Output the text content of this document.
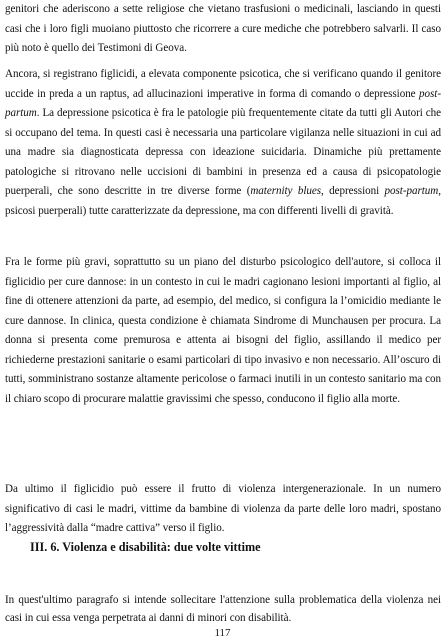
genitori che aderiscono a sette religiose che vietano trasfusioni o medicinali, lasciando in questi casi che i loro figli muoiano piuttosto che ricorrere a cure mediche che potrebbero salvarli. Il caso più noto è quello dei Testimoni di Geova.

Ancora, si registrano figlicidi, a elevata componente psicotica, che si verificano quando il genitore uccide in preda a un raptus, ad allucinazioni imperative in forma di comando o depressione post-partum. La depressione psicotica è fra le patologie più frequentemente citate da tutti gli Autori che si occupano del tema. In questi casi è necessaria una particolare vigilanza nelle situazioni in cui ad una madre sia diagnosticata depressa con ideazione suicidaria. Dinamiche più prettamente patologiche si ritrovano nelle uccisioni di bambini in presenza ed a causa di psicopatologie puerperali, che sono descritte in tre diverse forme (maternity blues, depressioni post-partum, psicosi puerperali) tutte caratterizzate da depressione, ma con differenti livelli di gravità.

Fra le forme più gravi, soprattutto su un piano del disturbo psicologico dell'autore, si colloca il figlicidio per cure dannose: in un contesto in cui le madri cagionano lesioni importanti al figlio, al fine di ottenere attenzioni da parte, ad esempio, del medico, si configura la l’omicidio mediante le cure dannose. In clinica, questa condizione è chiamata Sindrome di Munchausen per procura. La donna si presenta come premurosa e attenta ai bisogni del figlio, assillando il medico per richiederne prestazioni sanitarie o esami particolari di tipo invasivo e non necessario. All’oscuro di tutti, somministrano sostanze altamente pericolose o farmaci inutili in un contesto sanitario ma con il chiaro scopo di procurare malattie gravissimi che spesso, conducono il figlio alla morte.

Da ultimo il figlicidio può essere il frutto di violenza intergenerazionale. In un numero significativo di casi le madri, vittime da bambine di violenza da parte delle loro madri, spostano l’aggressività dalla “madre cattiva” verso il figlio.

III. 6. Violenza e disabilità: due volte vittime

In quest'ultimo paragrafo si intende sollecitare l'attenzione sulla problematica della violenza nei casi in cui essa venga perpetrata ai danni di minori con disabilità.

117
